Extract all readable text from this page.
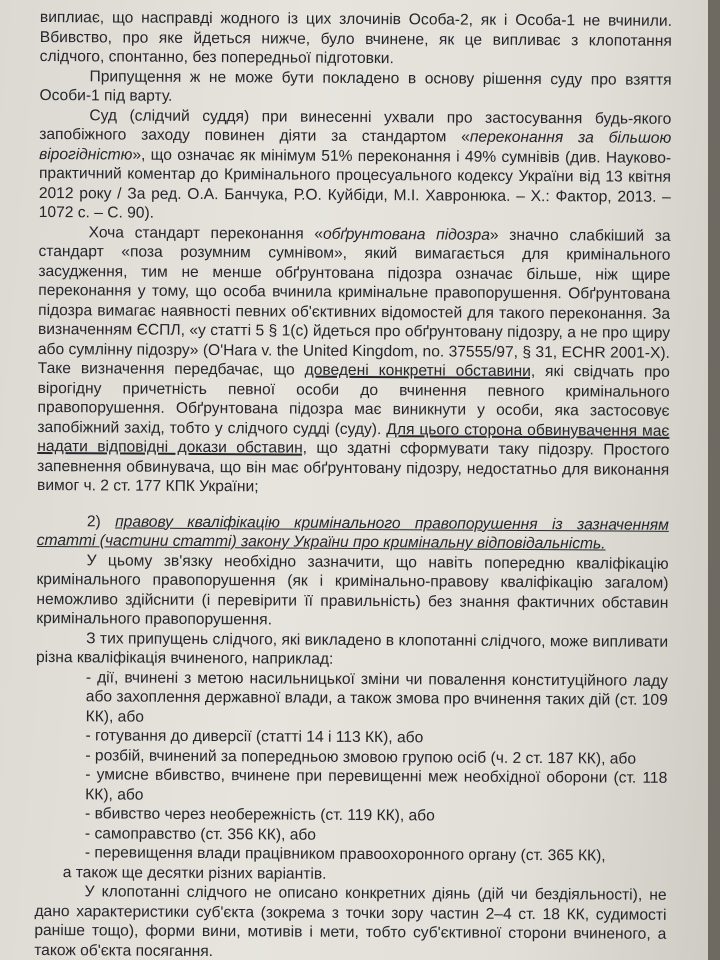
виплиає, що насправді жодного із цих злочинів Особа-2, як і Особа-1 не вчинили. Вбивство, про яке йдеться нижче, було вчинене, як це випливає з клопотання слідчого, спонтанно, без попередньої підготовки.

Припущення ж не може бути покладено в основу рішення суду про взяття Особи-1 під варту.

Суд (слідчий суддя) при винесенні ухвали про застосування будь-якого запобіжного заходу повинен діяти за стандартом «переконання за більшою вірогідністю», що означає як мінімум 51% переконання і 49% сумнівів (див. Науково-практичний коментар до Кримінального процесуального кодексу України від 13 квітня 2012 року / За ред. О.А. Банчука, Р.О. Куйбіди, М.І. Хавронюка. – Х.: Фактор, 2013. – 1072 с. – С. 90).

Хоча стандарт переконання «обґрунтована підозра» значно слабкіший за стандарт «поза розумним сумнівом», який вимагається для кримінального засудження, тим не менше обґрунтована підозра означає більше, ніж щире переконання у тому, що особа вчинила кримінальне правопорушення. Обґрунтована підозра вимагає наявності певних об'єктивних відомостей для такого переконання. За визначенням ЄСПЛ, «у статті 5 § 1(с) йдеться про обґрунтовану підозру, а не про щиру або сумлінну підозру» (O'Hara v. the United Kingdom, no. 37555/97, § 31, ECHR 2001-X). Таке визначення передбачає, що доведені конкретні обставини, які свідчать про вірогідну причетність певної особи до вчинення певного кримінального правопорушення. Обґрунтована підозра має виникнути у особи, яка застосовує запобіжний захід, тобто у слідчого судді (суду). Для цього сторона обвинувачення має надати відповідні докази обставин, що здатні сформувати таку підозру. Простого запевнення обвинувача, що він має обґрунтовану підозру, недостатньо для виконання вимог ч. 2 ст. 177 КПК України;

2) правову кваліфікацію кримінального правопорушення із зазначенням статті (частини статті) закону України про кримінальну відповідальність.

У цьому зв'язку необхідно зазначити, що навіть попередню кваліфікацію кримінального правопорушення (як і кримінально-правову кваліфікацію загалом) неможливо здійснити (і перевірити її правильність) без знання фактичних обставин кримінального правопорушення.

З тих припущень слідчого, які викладено в клопотанні слідчого, може випливати різна кваліфікація вчиненого, наприклад:

- дії, вчинені з метою насильницької зміни чи повалення конституційного ладу або захоплення державної влади, а також змова про вчинення таких дій (ст. 109 КК), або

- готування до диверсії (статті 14 і 113 КК), або

- розбій, вчинений за попередньою змовою групою осіб (ч. 2 ст. 187 КК), або

- умисне вбивство, вчинене при перевищенні меж необхідної оборони (ст. 118 КК), або

- вбивство через необережність (ст. 119 КК), або

- самоправство (ст. 356 КК), або

- перевищення влади працівником правоохоронного органу (ст. 365 КК),

а також ще десятки різних варіантів.

У клопотанні слідчого не описано конкретних діянь (дій чи бездіяльності), не дано характеристики суб'єкта (зокрема з точки зору частин 2–4 ст. 18 КК, судимості раніше тощо), форми вини, мотивів і мети, тобто суб'єктивної сторони вчиненого, а також об'єкта посягання.
